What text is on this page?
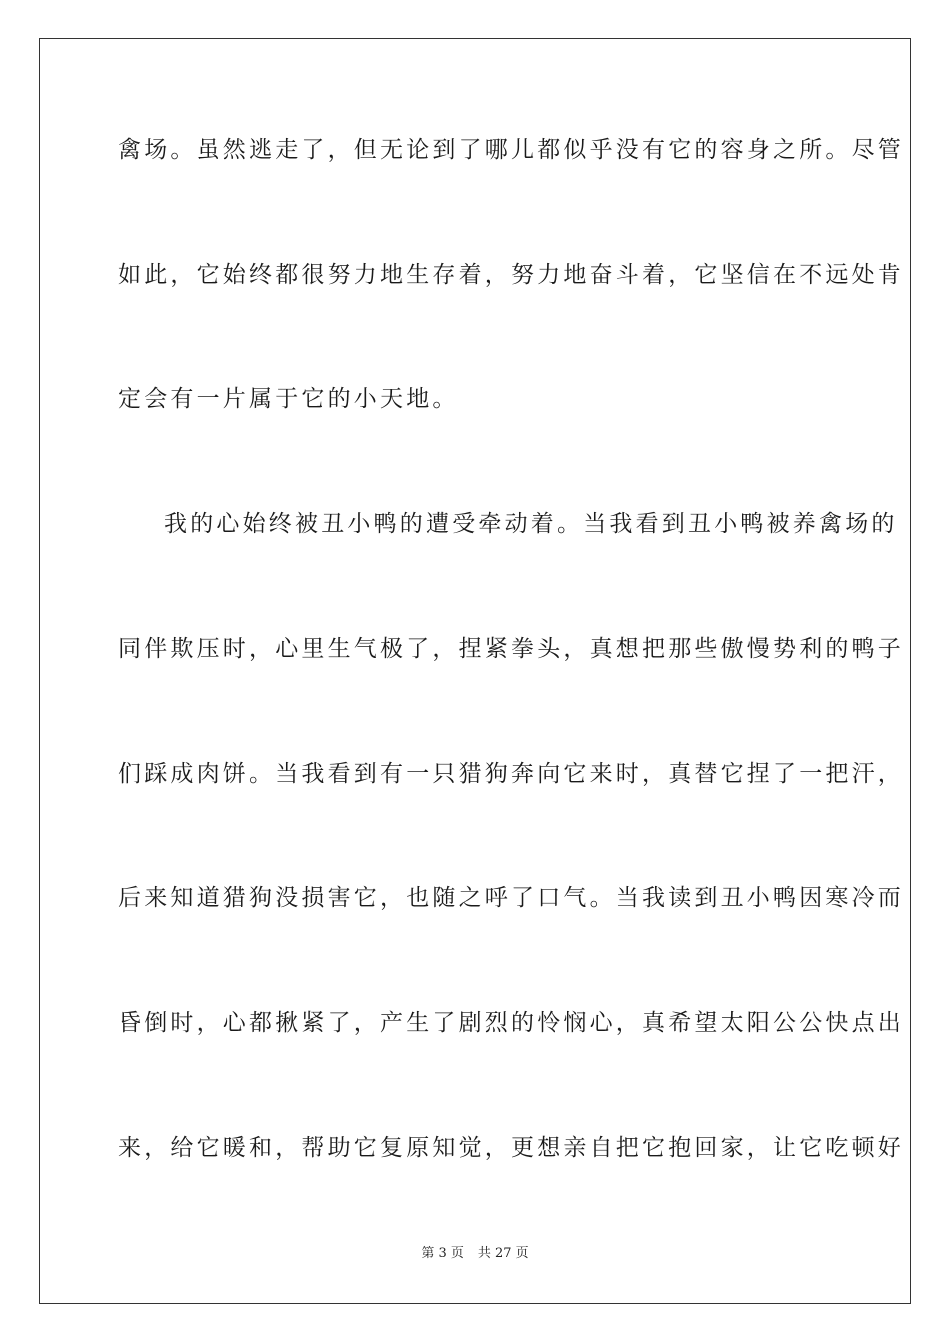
禽场。虽然逃走了，但无论到了哪儿都似乎没有它的容身之所。尽管
如此，它始终都很努力地生存着，努力地奋斗着，它坚信在不远处肯
定会有一片属于它的小天地。
我的心始终被丑小鸭的遭受牵动着。当我看到丑小鸭被养禽场的
同伴欺压时，心里生气极了，捏紧拳头，真想把那些傲慢势利的鸭子
们踩成肉饼。当我看到有一只猎狗奔向它来时，真替它捏了一把汗，
后来知道猎狗没损害它，也随之呼了口气。当我读到丑小鸭因寒冷而
昏倒时，心都揪紧了，产生了剧烈的怜悯心，真希望太阳公公快点出
来，给它暖和，帮助它复原知觉，更想亲自把它抱回家，让它吃顿好
第 3 页 共 27 页
